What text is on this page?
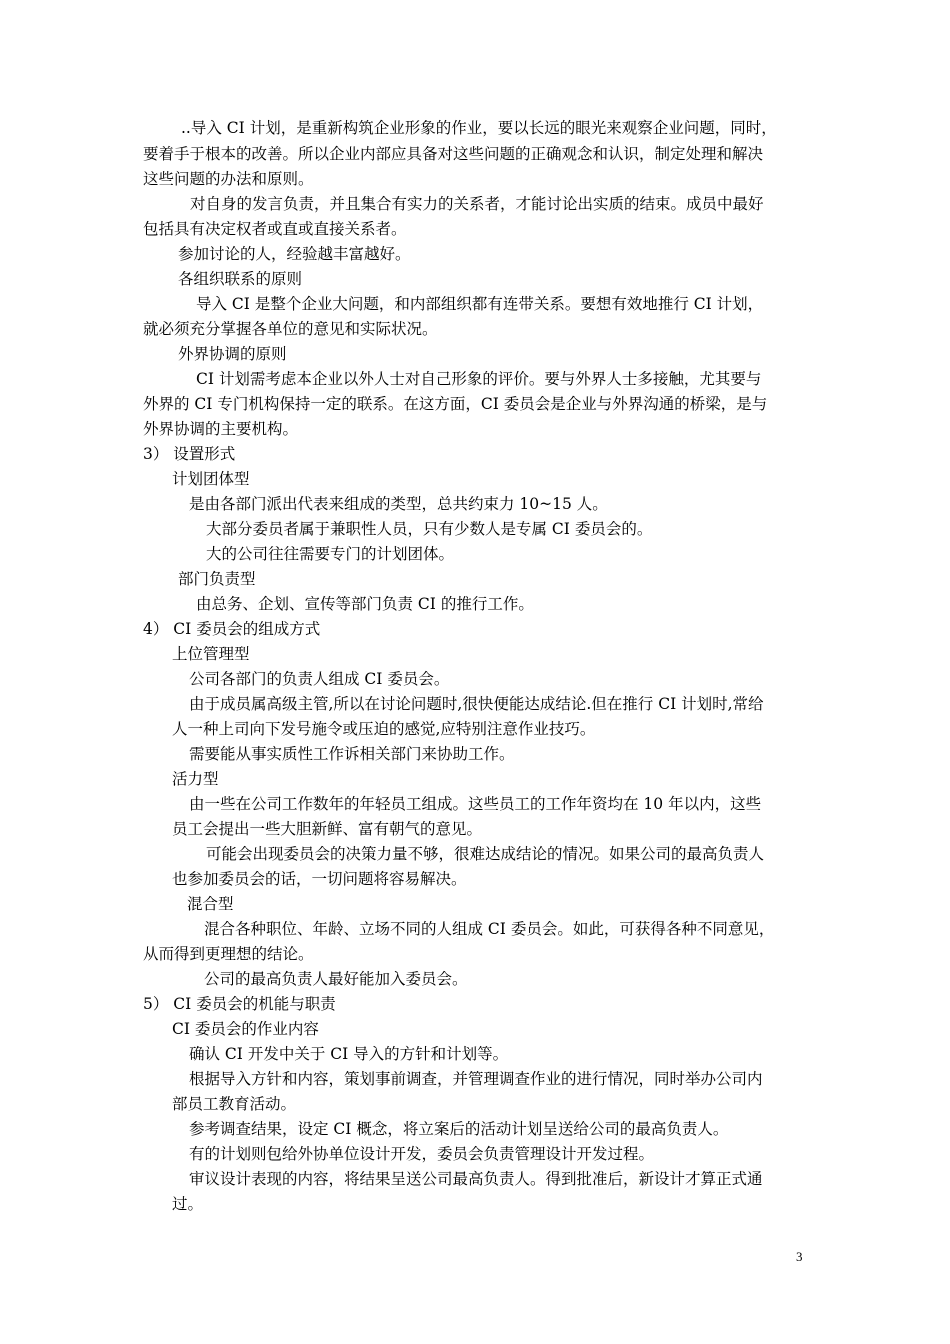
..导入 CI 计划，是重新构筑企业形象的作业，要以长远的眼光来观察企业问题，同时，
要着手于根本的改善。所以企业内部应具备对这些问题的正确观念和认识，制定处理和解决
这些问题的办法和原则。
对自身的发言负责，并且集合有实力的关系者，才能讨论出实质的结束。成员中最好
包括具有决定权者或直或直接关系者。
参加讨论的人，经验越丰富越好。
各组织联系的原则
导入 CI 是整个企业大问题，和内部组织都有连带关系。要想有效地推行 CI 计划，
就必须充分掌握各单位的意见和实际状况。
外界协调的原则
CI 计划需考虑本企业以外人士对自己形象的评价。要与外界人士多接触，尤其要与
外界的 CI 专门机构保持一定的联系。在这方面，CI 委员会是企业与外界沟通的桥梁，是与
外界协调的主要机构。
3） 设置形式
计划团体型
是由各部门派出代表来组成的类型，总共约束力 10~15 人。
大部分委员者属于兼职性人员，只有少数人是专属 CI 委员会的。
大的公司往往需要专门的计划团体。
部门负责型
由总务、企划、宣传等部门负责 CI 的推行工作。
4） CI 委员会的组成方式
上位管理型
公司各部门的负责人组成 CI 委员会。
由于成员属高级主管,所以在讨论问题时,很快便能达成结论.但在推行 CI 计划时,常给
人一种上司向下发号施令或压迫的感觉,应特别注意作业技巧。
需要能从事实质性工作诉相关部门来协助工作。
活力型
由一些在公司工作数年的年轻员工组成。这些员工的工作年资均在 10 年以内，这些
员工会提出一些大胆新鲜、富有朝气的意见。
可能会出现委员会的决策力量不够，很难达成结论的情况。如果公司的最高负责人
也参加委员会的话，一切问题将容易解决。
混合型
混合各种职位、年龄、立场不同的人组成 CI 委员会。如此，可获得各种不同意见，
从而得到更理想的结论。
公司的最高负责人最好能加入委员会。
5） CI 委员会的机能与职责
CI 委员会的作业内容
确认 CI 开发中关于 CI 导入的方针和计划等。
根据导入方针和内容，策划事前调查，并管理调查作业的进行情况，同时举办公司内
部员工教育活动。
参考调查结果，设定 CI 概念，将立案后的活动计划呈送给公司的最高负责人。
有的计划则包给外协单位设计开发，委员会负责管理设计开发过程。
审议设计表现的内容，将结果呈送公司最高负责人。得到批准后，新设计才算正式通
过。
3
